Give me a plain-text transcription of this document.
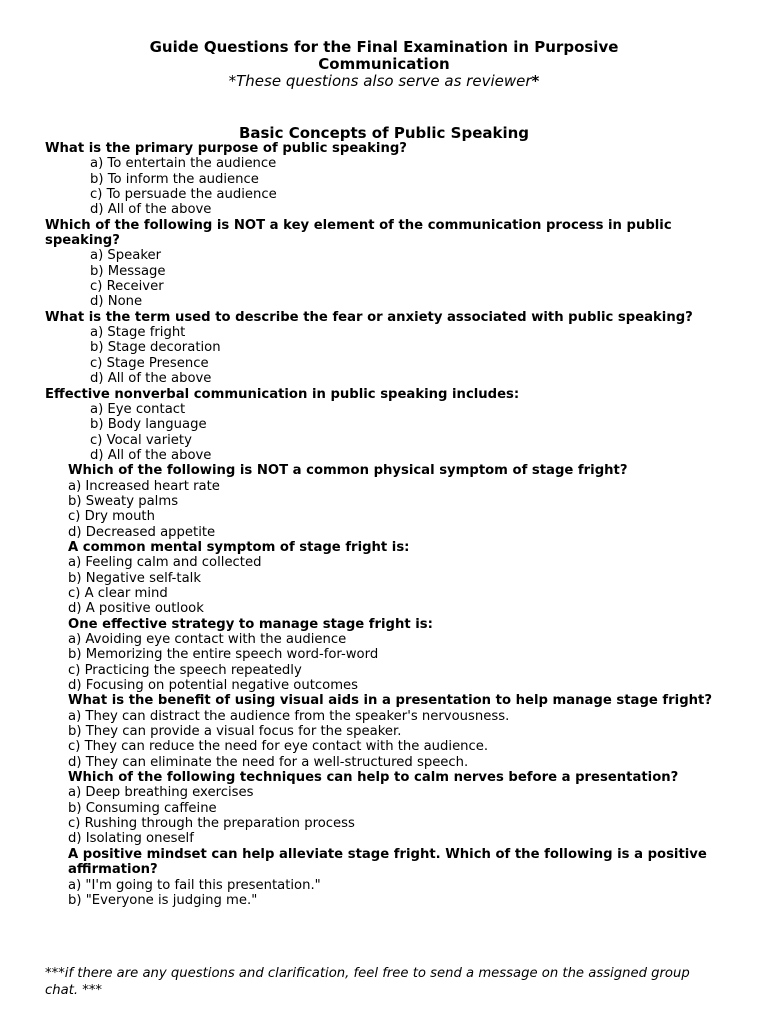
Guide Questions for the Final Examination in Purposive
Communication
*These questions also serve as reviewer*
Basic Concepts of Public Speaking

What is the primary purpose of public speaking?

a) To entertain the audience

b) To inform the audience

c) To persuade the audience

d) All of the above

Which of the following is NOT a key element of the communication process in public speaking?

a) Speaker

b) Message

c) Receiver

d) None

What is the term used to describe the fear or anxiety associated with public speaking?

a) Stage fright

b) Stage decoration

c) Stage Presence

d) All of the above

Effective nonverbal communication in public speaking includes:

a) Eye contact

b) Body language

c) Vocal variety

d) All of the above

Which of the following is NOT a common physical symptom of stage fright?

a) Increased heart rate

b) Sweaty palms

c) Dry mouth

d) Decreased appetite

A common mental symptom of stage fright is:

a) Feeling calm and collected

b) Negative self-talk

c) A clear mind

d) A positive outlook

One effective strategy to manage stage fright is:

a) Avoiding eye contact with the audience

b) Memorizing the entire speech word-for-word

c) Practicing the speech repeatedly

d) Focusing on potential negative outcomes

What is the benefit of using visual aids in a presentation to help manage stage fright?

a) They can distract the audience from the speaker's nervousness.

b) They can provide a visual focus for the speaker.

c) They can reduce the need for eye contact with the audience.

d) They can eliminate the need for a well-structured speech.

Which of the following techniques can help to calm nerves before a presentation?

a) Deep breathing exercises

b) Consuming caffeine

c) Rushing through the preparation process

d) Isolating oneself

A positive mindset can help alleviate stage fright. Which of the following is a positive affirmation?

a) "I'm going to fail this presentation."

b) "Everyone is judging me."

***if there are any questions and clarification, feel free to send a message on the assigned group chat. ***
